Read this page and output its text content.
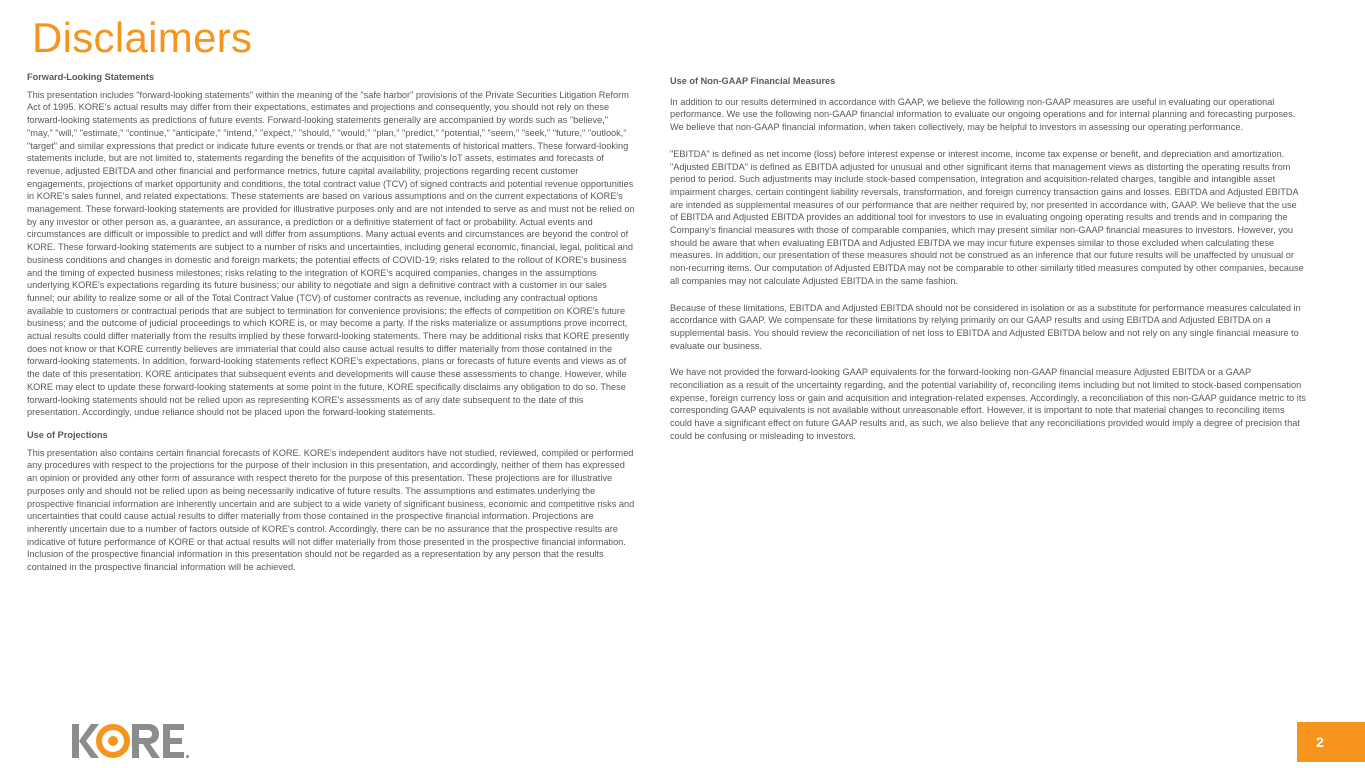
Disclaimers
Forward-Looking Statements

This presentation includes "forward-looking statements" within the meaning of the "safe harbor" provisions of the Private Securities Litigation Reform Act of 1995. KORE's actual results may differ from their expectations, estimates and projections and consequently, you should not rely on these forward-looking statements as predictions of future events. Forward-looking statements generally are accompanied by words such as "believe," "may," "will," "estimate," "continue," "anticipate," "intend," "expect," "should," "would," "plan," "predict," "potential," "seem," "seek," "future," "outlook," "target" and similar expressions that predict or indicate future events or trends or that are not statements of historical matters. These forward-looking statements include, but are not limited to, statements regarding the benefits of the acquisition of Twilio's IoT assets, estimates and forecasts of revenue, adjusted EBITDA and other financial and performance metrics, future capital availability, projections regarding recent customer engagements, projections of market opportunity and conditions, the total contract value (TCV) of signed contracts and potential revenue opportunities in KORE's sales funnel, and related expectations. These statements are based on various assumptions and on the current expectations of KORE's management. These forward-looking statements are provided for illustrative purposes only and are not intended to serve as and must not be relied on by any investor or other person as, a guarantee, an assurance, a prediction or a definitive statement of fact or probability. Actual events and circumstances are difficult or impossible to predict and will differ from assumptions. Many actual events and circumstances are beyond the control of KORE. These forward-looking statements are subject to a number of risks and uncertainties, including general economic, financial, legal, political and business conditions and changes in domestic and foreign markets; the potential effects of COVID-19; risks related to the rollout of KORE's business and the timing of expected business milestones; risks relating to the integration of KORE's acquired companies, changes in the assumptions underlying KORE's expectations regarding its future business; our ability to negotiate and sign a definitive contract with a customer in our sales funnel; our ability to realize some or all of the Total Contract Value (TCV) of customer contracts as revenue, including any contractual options available to customers or contractual periods that are subject to termination for convenience provisions; the effects of competition on KORE's future business; and the outcome of judicial proceedings to which KORE is, or may become a party. If the risks materialize or assumptions prove incorrect, actual results could differ materially from the results implied by these forward-looking statements. There may be additional risks that KORE presently does not know or that KORE currently believes are immaterial that could also cause actual results to differ materially from those contained in the forward-looking statements. In addition, forward-looking statements reflect KORE's expectations, plans or forecasts of future events and views as of the date of this presentation. KORE anticipates that subsequent events and developments will cause these assessments to change. However, while KORE may elect to update these forward-looking statements at some point in the future, KORE specifically disclaims any obligation to do so. These forward-looking statements should not be relied upon as representing KORE's assessments as of any date subsequent to the date of this presentation. Accordingly, undue reliance should not be placed upon the forward-looking statements.

Use of Projections

This presentation also contains certain financial forecasts of KORE. KORE's independent auditors have not studied, reviewed, compiled or performed any procedures with respect to the projections for the purpose of their inclusion in this presentation, and accordingly, neither of them has expressed an opinion or provided any other form of assurance with respect thereto for the purpose of this presentation. These projections are for illustrative purposes only and should not be relied upon as being necessarily indicative of future results. The assumptions and estimates underlying the prospective financial information are inherently uncertain and are subject to a wide variety of significant business, economic and competitive risks and uncertainties that could cause actual results to differ materially from those contained in the prospective financial information. Projections are inherently uncertain due to a number of factors outside of KORE's control. Accordingly, there can be no assurance that the prospective results are indicative of future performance of KORE or that actual results will not differ materially from those presented in the prospective financial information. Inclusion of the prospective financial information in this presentation should not be regarded as a representation by any person that the results contained in the prospective financial information will be achieved.

Use of Non-GAAP Financial Measures

In addition to our results determined in accordance with GAAP, we believe the following non-GAAP measures are useful in evaluating our operational performance. We use the following non-GAAP financial information to evaluate our ongoing operations and for internal planning and forecasting purposes. We believe that non-GAAP financial information, when taken collectively, may be helpful to investors in assessing our operating performance.

"EBITDA" is defined as net income (loss) before interest expense or interest income, income tax expense or benefit, and depreciation and amortization. "Adjusted EBITDA" is defined as EBITDA adjusted for unusual and other significant items that management views as distorting the operating results from period to period. Such adjustments may include stock-based compensation, integration and acquisition-related charges, tangible and intangible asset impairment charges, certain contingent liability reversals, transformation, and foreign currency transaction gains and losses. EBITDA and Adjusted EBITDA are intended as supplemental measures of our performance that are neither required by, nor presented in accordance with, GAAP. We believe that the use of EBITDA and Adjusted EBITDA provides an additional tool for investors to use in evaluating ongoing operating results and trends and in comparing the Company's financial measures with those of comparable companies, which may present similar non-GAAP financial measures to investors. However, you should be aware that when evaluating EBITDA and Adjusted EBITDA we may incur future expenses similar to those excluded when calculating these measures. In addition, our presentation of these measures should not be construed as an inference that our future results will be unaffected by unusual or non-recurring items. Our computation of Adjusted EBITDA may not be comparable to other similarly titled measures computed by other companies, because all companies may not calculate Adjusted EBITDA in the same fashion.

Because of these limitations, EBITDA and Adjusted EBITDA should not be considered in isolation or as a substitute for performance measures calculated in accordance with GAAP. We compensate for these limitations by relying primarily on our GAAP results and using EBITDA and Adjusted EBITDA on a supplemental basis. You should review the reconciliation of net loss to EBITDA and Adjusted EBITDA below and not rely on any single financial measure to evaluate our business.

We have not provided the forward-looking GAAP equivalents for the forward-looking non-GAAP financial measure Adjusted EBITDA or a GAAP reconciliation as a result of the uncertainty regarding, and the potential variability of, reconciling items including but not limited to stock-based compensation expense, foreign currency loss or gain and acquisition and integration-related expenses. Accordingly, a reconciliation of this non-GAAP guidance metric to its corresponding GAAP equivalents is not available without unreasonable effort. However, it is important to note that material changes to reconciling items could have a significant effect on future GAAP results and, as such, we also believe that any reconciliations provided would imply a degree of precision that could be confusing or misleading to investors.

2
